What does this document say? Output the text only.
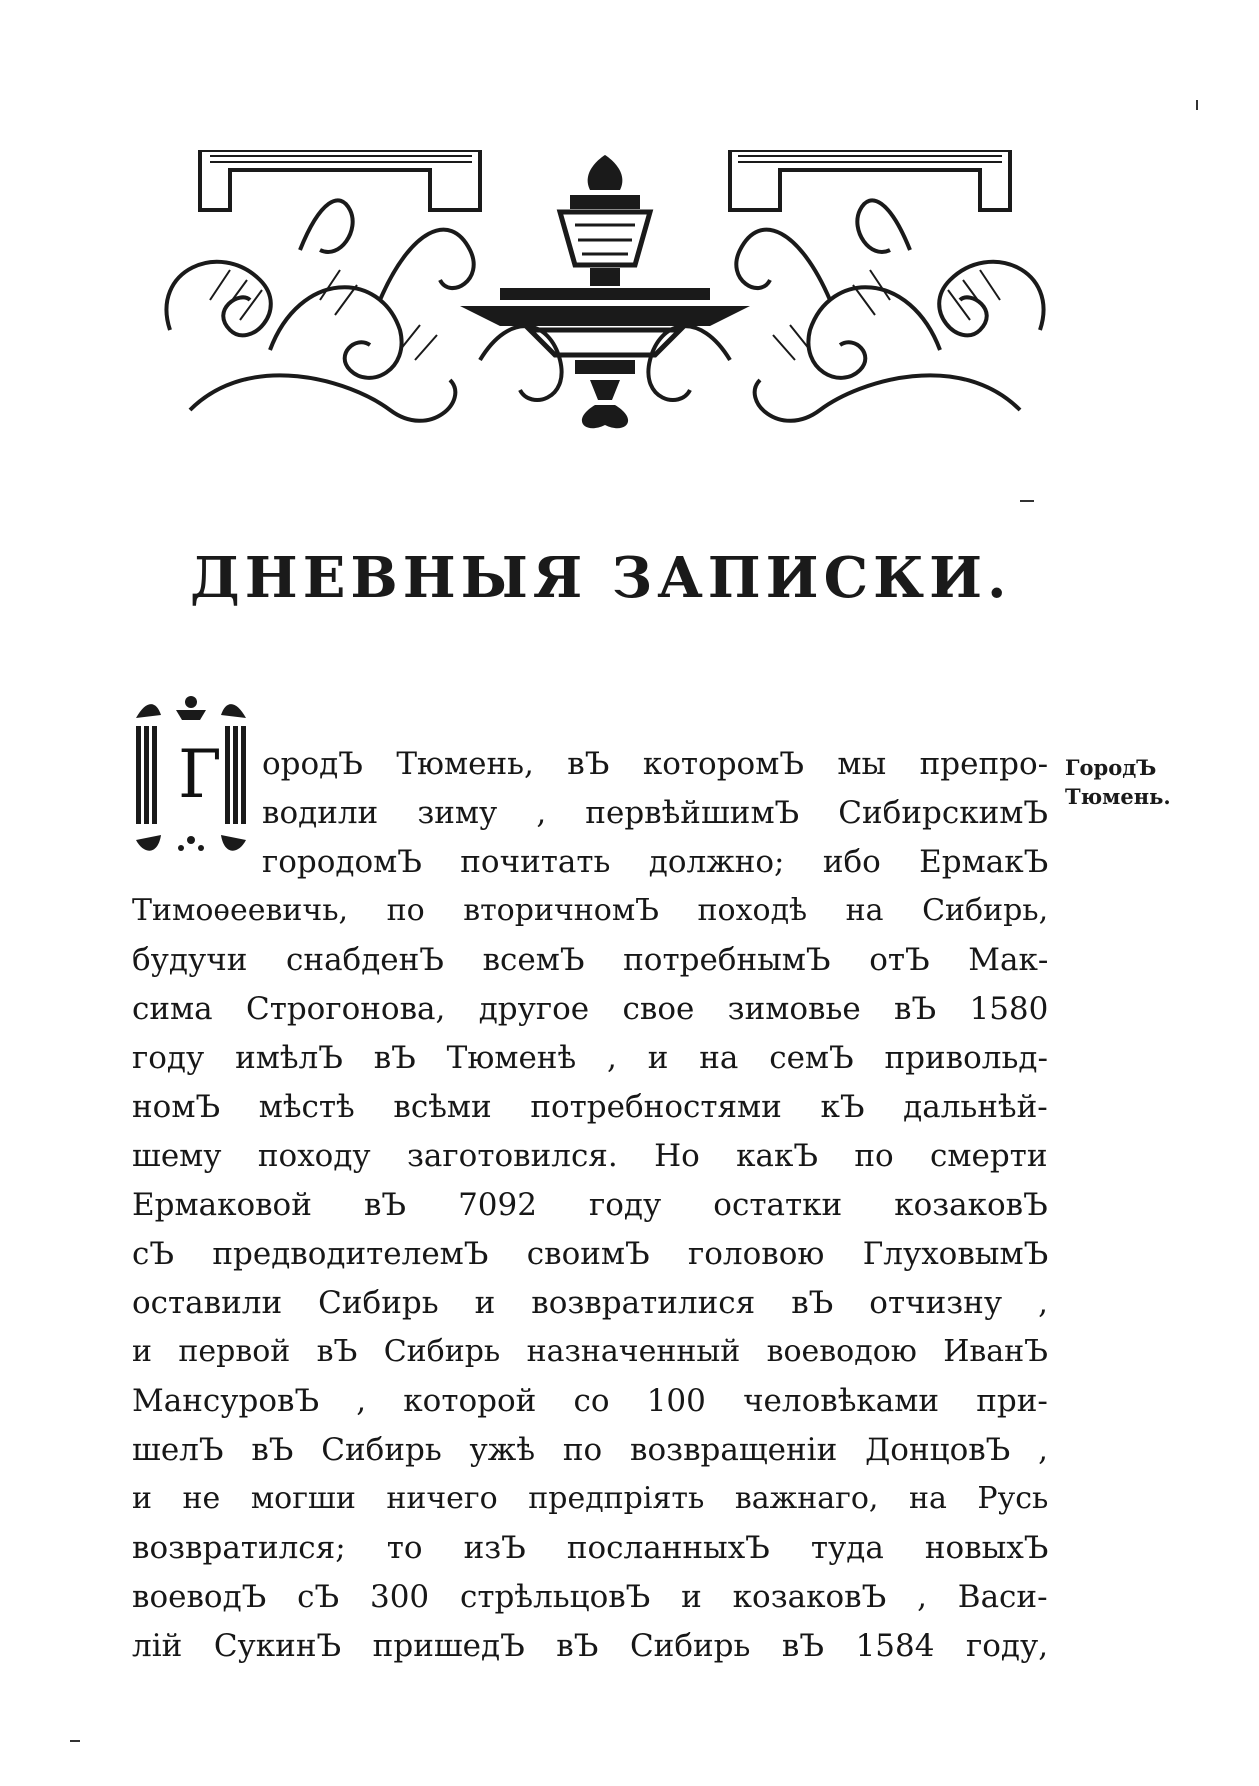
ДНЕВНЫЯ ЗАПИСКИ.
Г ородЪ Тюмень, вЪ которомЪ мы препро-
водили зиму , первѣйшимЪ СибирскимЪ
городомЪ почитать должно; ибо ЕрмакЪ
Тимоѳеевичь, по вторичномЪ походѣ на Сибирь,
будучи снабденЪ всемЪ потребнымЪ отЪ Мак-
сима Строгонова, другое свое зимовье вЪ 1580
году имѣлЪ вЪ Тюменѣ , и на семЪ привольд-
номЪ мѣстѣ всѣми потребностями кЪ дальнѣй-
шему походу заготовился. Но какЪ по смерти
Ермаковой вЪ 7092 году остатки козаковЪ
сЪ предводителемЪ своимЪ головою ГлуховымЪ
оставили Сибирь и возвратилися вЪ отчизну ,
и первой вЪ Сибирь назначенный воеводою ИванЪ
МансуровЪ , которой со 100 человѣками при-
шелЪ вЪ Сибирь ужѣ по возвращенiи ДонцовЪ ,
и не могши ничего предпрiять важнаго, на Русь
возвратился; то изЪ посланныхЪ туда новыхЪ
воеводЪ сЪ 300 стрѣльцовЪ и козаковЪ , Васи-
лiй СукинЪ пришедЪ вЪ Сибирь вЪ 1584 году,
ГородЪ
Тюмень.
